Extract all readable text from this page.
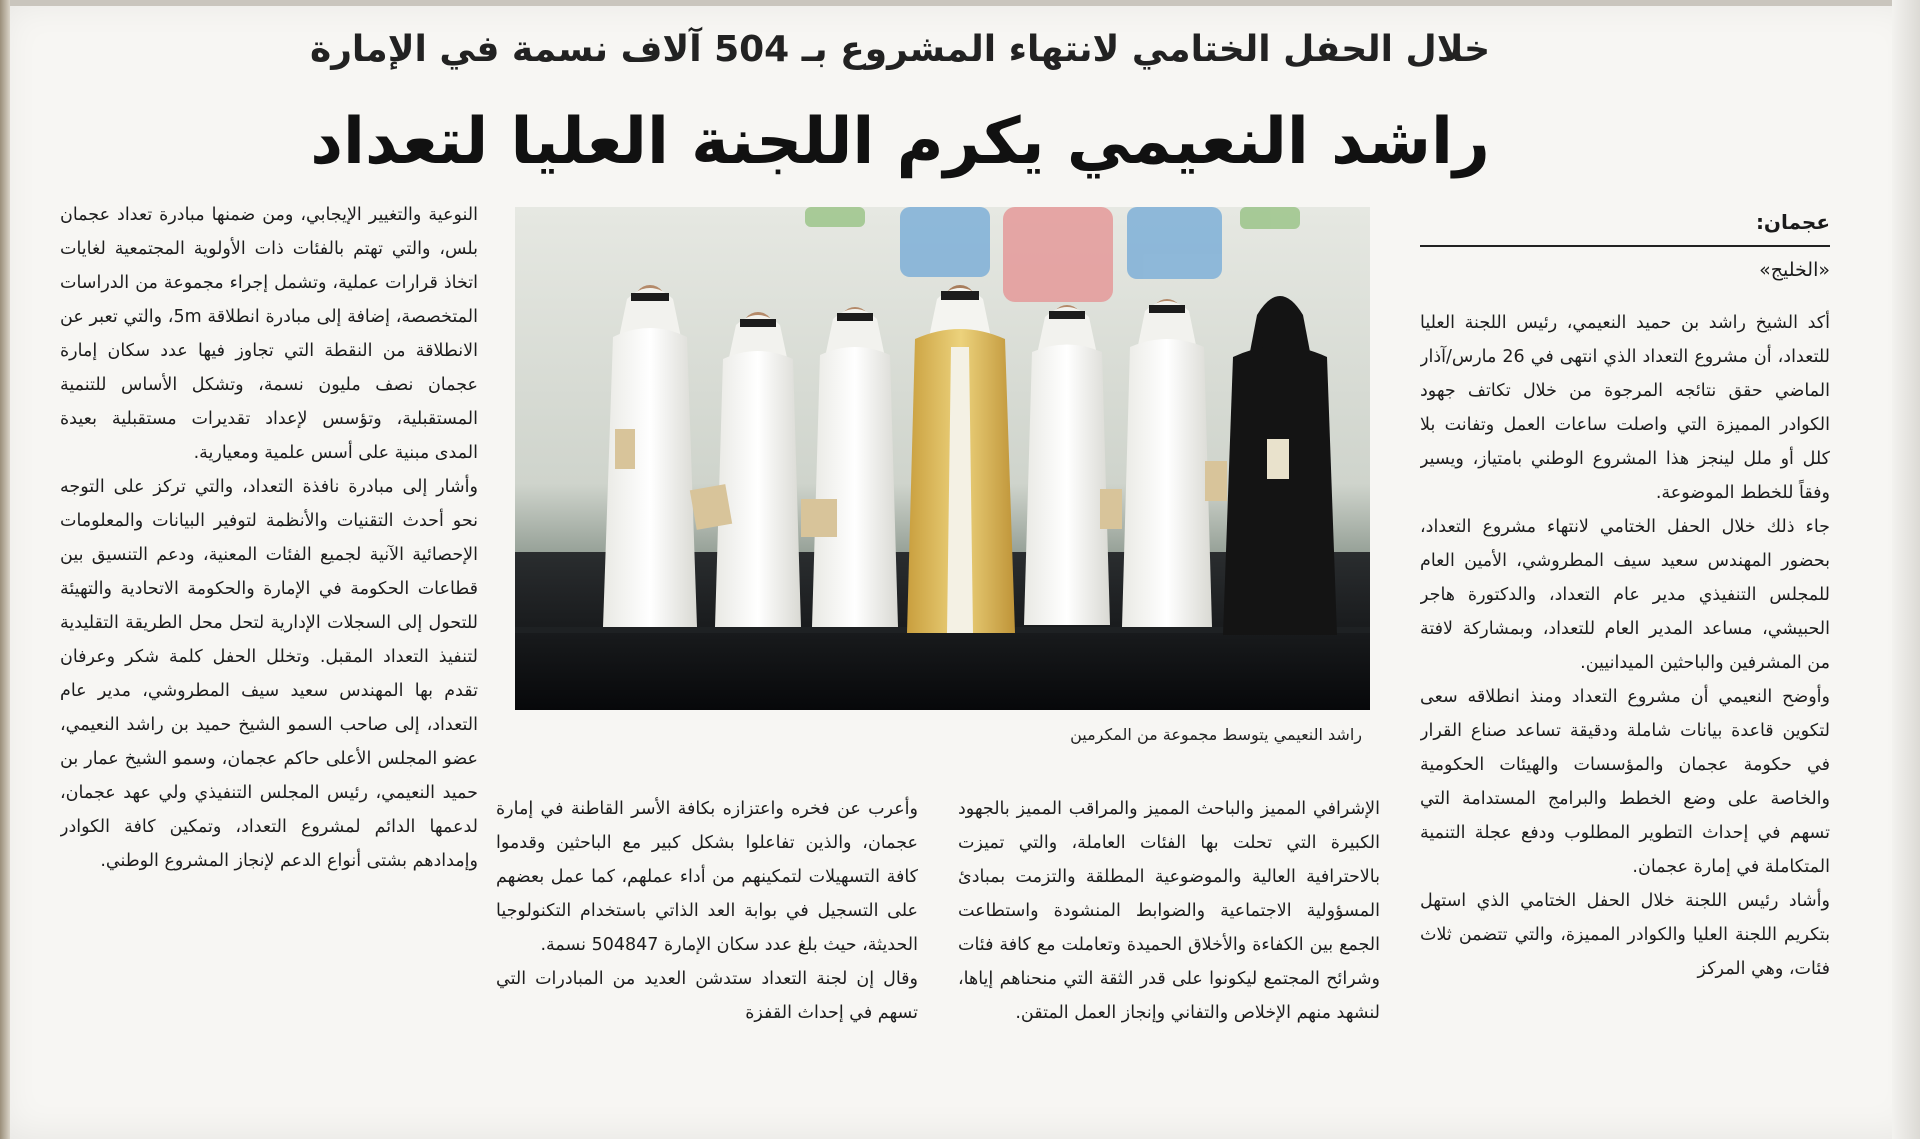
خلال الحفل الختامي لانتهاء المشروع بـ 504 آلاف نسمة في الإمارة
راشد النعيمي يكرم اللجنة العليا لتعداد
عجمان:
«الخليج»
أكد الشيخ راشد بن حميد النعيمي، رئيس اللجنة العليا للتعداد، أن مشروع التعداد الذي انتهى في 26 مارس/آذار الماضي حقق نتائجه المرجوة من خلال تكاتف جهود الكوادر المميزة التي واصلت ساعات العمل وتفانت بلا كلل أو ملل لينجز هذا المشروع الوطني بامتياز، ويسير وفقاً للخطط الموضوعة.
جاء ذلك خلال الحفل الختامي لانتهاء مشروع التعداد، بحضور المهندس سعيد سيف المطروشي، الأمين العام للمجلس التنفيذي مدير عام التعداد، والدكتورة هاجر الحبيشي، مساعد المدير العام للتعداد، وبمشاركة لافتة من المشرفين والباحثين الميدانيين.
وأوضح النعيمي أن مشروع التعداد ومنذ انطلاقه سعى لتكوين قاعدة بيانات شاملة ودقيقة تساعد صناع القرار في حكومة عجمان والمؤسسات والهيئات الحكومية والخاصة على وضع الخطط والبرامج المستدامة التي تسهم في إحداث التطوير المطلوب ودفع عجلة التنمية المتكاملة في إمارة عجمان.
وأشاد رئيس اللجنة خلال الحفل الختامي الذي استهل بتكريم اللجنة العليا والكوادر المميزة، والتي تتضمن ثلاث فئات، وهي المركز
الإشرافي المميز والباحث المميز والمراقب المميز بالجهود الكبيرة التي تحلت بها الفئات العاملة، والتي تميزت بالاحترافية العالية والموضوعية المطلقة والتزمت بمبادئ المسؤولية الاجتماعية والضوابط المنشودة واستطاعت الجمع بين الكفاءة والأخلاق الحميدة وتعاملت مع كافة فئات وشرائح المجتمع ليكونوا على قدر الثقة التي منحناهم إياها، لنشهد منهم الإخلاص والتفاني وإنجاز العمل المتقن.
وأعرب عن فخره واعتزازه بكافة الأسر القاطنة في إمارة عجمان، والذين تفاعلوا بشكل كبير مع الباحثين وقدموا كافة التسهيلات لتمكينهم من أداء عملهم، كما عمل بعضهم على التسجيل في بوابة العد الذاتي باستخدام التكنولوجيا الحديثة، حيث بلغ عدد سكان الإمارة 504847 نسمة.
وقال إن لجنة التعداد ستدشن العديد من المبادرات التي تسهم في إحداث القفزة
النوعية والتغيير الإيجابي، ومن ضمنها مبادرة تعداد عجمان بلس، والتي تهتم بالفئات ذات الأولوية المجتمعية لغايات اتخاذ قرارات عملية، وتشمل إجراء مجموعة من الدراسات المتخصصة، إضافة إلى مبادرة انطلاقة 5m، والتي تعبر عن الانطلاقة من النقطة التي تجاوز فيها عدد سكان إمارة عجمان نصف مليون نسمة، وتشكل الأساس للتنمية المستقبلية، وتؤسس لإعداد تقديرات مستقبلية بعيدة المدى مبنية على أسس علمية ومعيارية.
وأشار إلى مبادرة نافذة التعداد، والتي تركز على التوجه نحو أحدث التقنيات والأنظمة لتوفير البيانات والمعلومات الإحصائية الآنية لجميع الفئات المعنية، ودعم التنسيق بين قطاعات الحكومة في الإمارة والحكومة الاتحادية والتهيئة للتحول إلى السجلات الإدارية لتحل محل الطريقة التقليدية لتنفيذ التعداد المقبل. وتخلل الحفل كلمة شكر وعرفان تقدم بها المهندس سعيد سيف المطروشي، مدير عام التعداد، إلى صاحب السمو الشيخ حميد بن راشد النعيمي، عضو المجلس الأعلى حاكم عجمان، وسمو الشيخ عمار بن حميد النعيمي، رئيس المجلس التنفيذي ولي عهد عجمان، لدعمها الدائم لمشروع التعداد، وتمكين كافة الكوادر وإمدادهم بشتى أنواع الدعم لإنجاز المشروع الوطني.
راشد النعيمي يتوسط مجموعة من المكرمين
